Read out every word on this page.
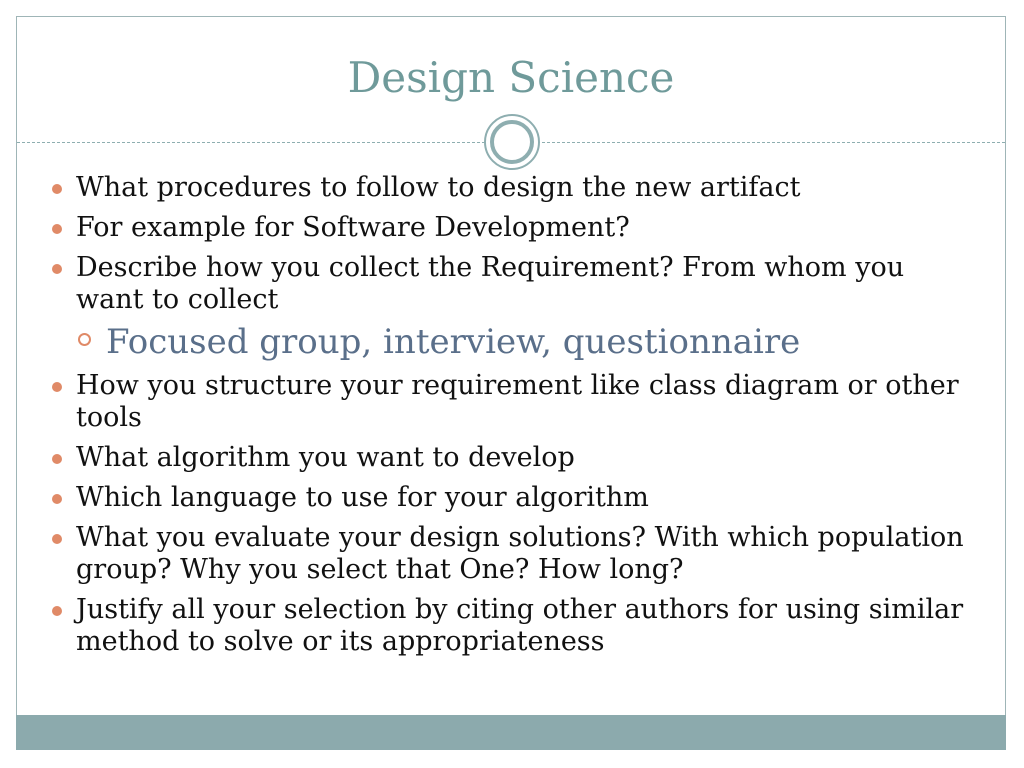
Design Science
What procedures to follow to design the new artifact
For example for Software Development?
Describe how you collect the Requirement? From whom you want to collect
Focused group, interview, questionnaire
How you structure your requirement like class diagram or other tools
What algorithm you want to develop
Which language to use for your algorithm
What you evaluate your design solutions? With which population group? Why you select that One? How long?
Justify all your selection by citing other authors for using similar method to solve or its appropriateness
